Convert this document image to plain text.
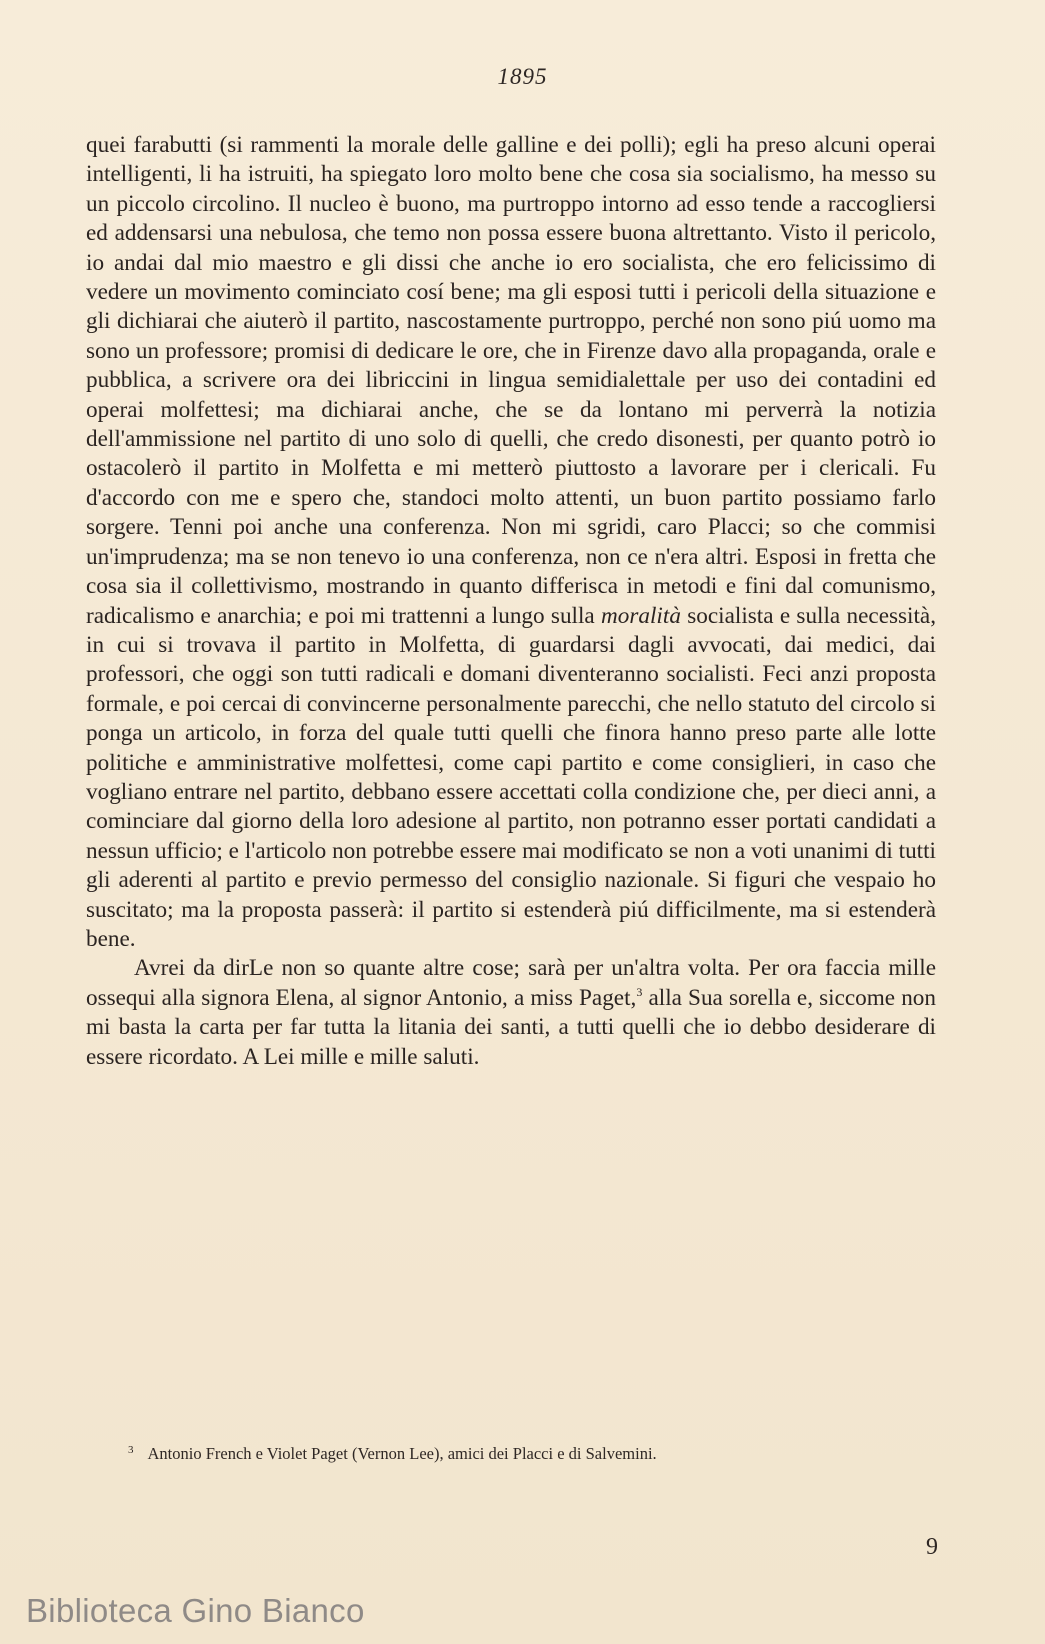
1895

quei farabutti (si rammenti la morale delle galline e dei polli); egli ha preso alcuni operai intelligenti, li ha istruiti, ha spiegato loro molto bene che cosa sia socialismo, ha messo su un piccolo circolino. Il nucleo è buono, ma purtroppo intorno ad esso tende a raccogliersi ed addensarsi una nebulosa, che temo non possa essere buona altrettanto. Visto il pericolo, io andai dal mio maestro e gli dissi che anche io ero socialista, che ero felicissimo di vedere un movimento cominciato cosí bene; ma gli esposi tutti i pericoli della situazione e gli dichiarai che aiuterò il partito, nascostamente purtroppo, perché non sono piú uomo ma sono un professore; promisi di dedicare le ore, che in Firenze davo alla propaganda, orale e pubblica, a scrivere ora dei libriccini in lingua semidialettale per uso dei contadini ed operai molfettesi; ma dichiarai anche, che se da lontano mi perverrà la notizia dell'ammissione nel partito di uno solo di quelli, che credo disonesti, per quanto potrò io ostacolerò il partito in Molfetta e mi metterò piuttosto a lavorare per i clericali. Fu d'accordo con me e spero che, standoci molto attenti, un buon partito possiamo farlo sorgere. Tenni poi anche una conferenza. Non mi sgridi, caro Placci; so che commisi un'imprudenza; ma se non tenevo io una conferenza, non ce n'era altri. Esposi in fretta che cosa sia il collettivismo, mostrando in quanto differisca in metodi e fini dal comunismo, radicalismo e anarchia; e poi mi trattenni a lungo sulla moralità socialista e sulla necessità, in cui si trovava il partito in Molfetta, di guardarsi dagli avvocati, dai medici, dai professori, che oggi son tutti radicali e domani diventeranno socialisti. Feci anzi proposta formale, e poi cercai di convincerne personalmente parecchi, che nello statuto del circolo si ponga un articolo, in forza del quale tutti quelli che finora hanno preso parte alle lotte politiche e amministrative molfettesi, come capi partito e come consiglieri, in caso che vogliano entrare nel partito, debbano essere accettati colla condizione che, per dieci anni, a cominciare dal giorno della loro adesione al partito, non potranno esser portati candidati a nessun ufficio; e l'articolo non potrebbe essere mai modificato se non a voti unanimi di tutti gli aderenti al partito e previo permesso del consiglio nazionale. Si figuri che vespaio ho suscitato; ma la proposta passerà: il partito si estenderà piú difficilmente, ma si estenderà bene.

Avrei da dirLe non so quante altre cose; sarà per un'altra volta. Per ora faccia mille ossequi alla signora Elena, al signor Antonio, a miss Paget,$^3$ alla Sua sorella e, siccome non mi basta la carta per far tutta la litania dei santi, a tutti quelli che io debbo desiderare di essere ricordato. A Lei mille e mille saluti.

$^3$ Antonio French e Violet Paget (Vernon Lee), amici dei Placci e di Salvemini.
9
Biblioteca Gino Bianco
